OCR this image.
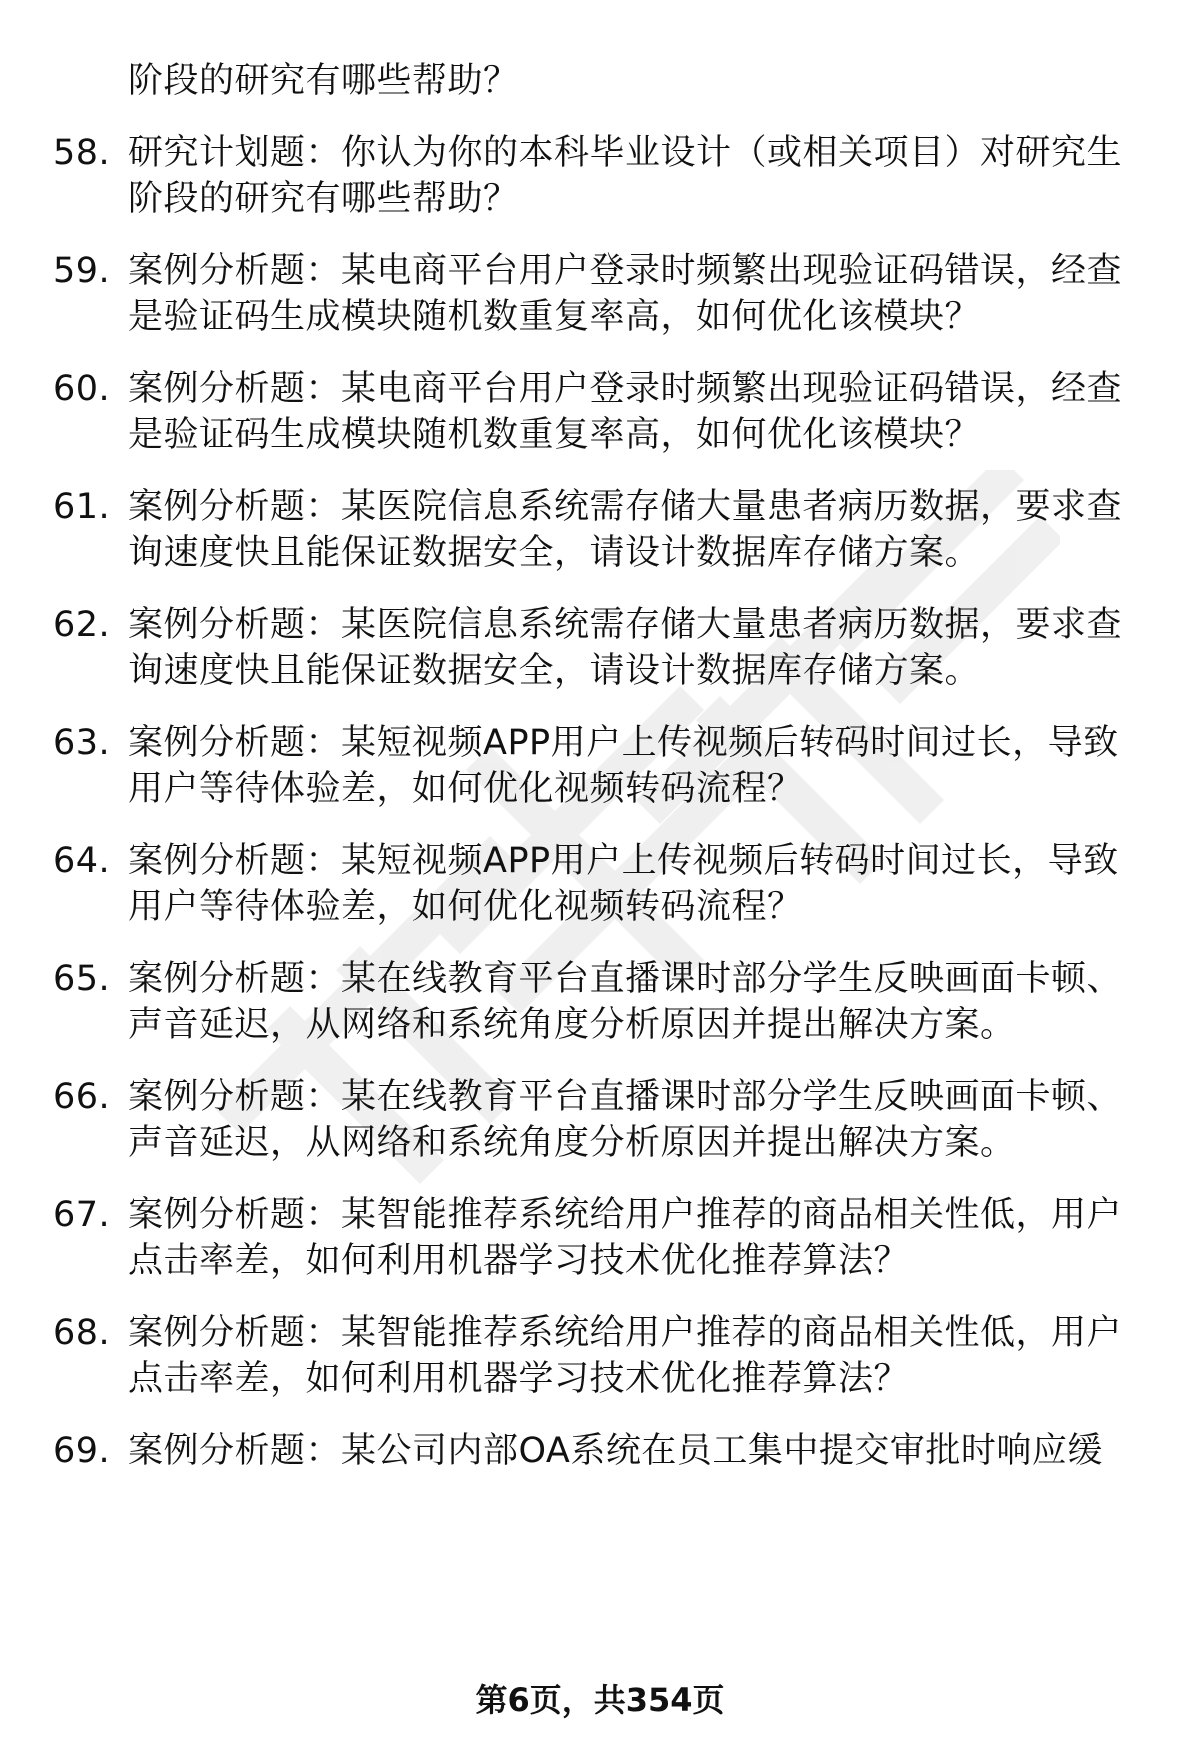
阶段的研究有哪些帮助？
58. 研究计划题：你认为你的本科毕业设计（或相关项目）对研究生
阶段的研究有哪些帮助？
59. 案例分析题：某电商平台用户登录时频繁出现验证码错误，经查
是验证码生成模块随机数重复率高，如何优化该模块？
60. 案例分析题：某电商平台用户登录时频繁出现验证码错误，经查
是验证码生成模块随机数重复率高，如何优化该模块？
61. 案例分析题：某医院信息系统需存储大量患者病历数据，要求查
询速度快且能保证数据安全，请设计数据库存储方案。
62. 案例分析题：某医院信息系统需存储大量患者病历数据，要求查
询速度快且能保证数据安全，请设计数据库存储方案。
63. 案例分析题：某短视频APP用户上传视频后转码时间过长，导致
用户等待体验差，如何优化视频转码流程？
64. 案例分析题：某短视频APP用户上传视频后转码时间过长，导致
用户等待体验差，如何优化视频转码流程？
65. 案例分析题：某在线教育平台直播课时部分学生反映画面卡顿、
声音延迟，从网络和系统角度分析原因并提出解决方案。
66. 案例分析题：某在线教育平台直播课时部分学生反映画面卡顿、
声音延迟，从网络和系统角度分析原因并提出解决方案。
67. 案例分析题：某智能推荐系统给用户推荐的商品相关性低，用户
点击率差，如何利用机器学习技术优化推荐算法？
68. 案例分析题：某智能推荐系统给用户推荐的商品相关性低，用户
点击率差，如何利用机器学习技术优化推荐算法？
69. 案例分析题：某公司内部OA系统在员工集中提交审批时响应缓
第6页，共354页
